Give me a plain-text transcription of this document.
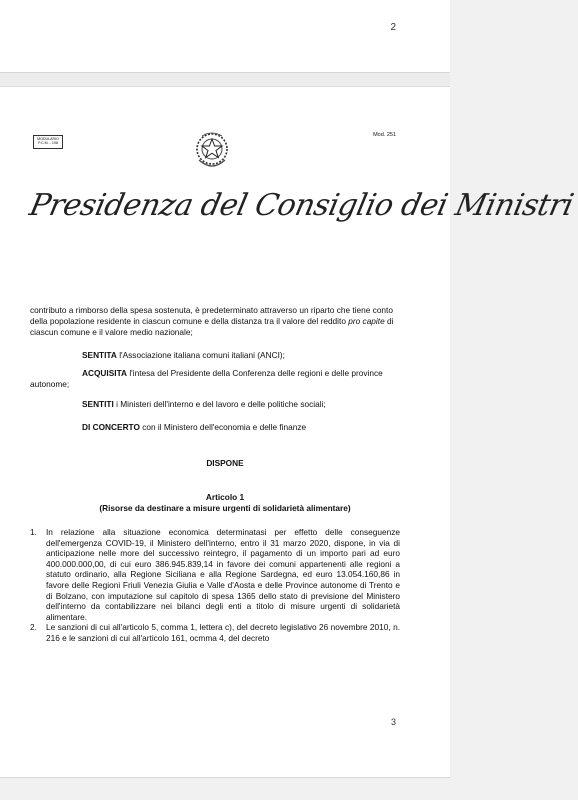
2
MODULARIO
P.C.M. - 198
Mod. 251
Presidenza del Consiglio dei Ministri
contributo a rimborso della spesa sostenuta, è predeterminato attraverso un riparto che tiene conto della popolazione residente in ciascun comune e della distanza tra il valore del reddito pro capite di ciascun comune e il valore medio nazionale;
SENTITA l'Associazione italiana comuni italiani (ANCI);
ACQUISITA l'intesa del Presidente della Conferenza delle regioni e delle province autonome;
SENTITI i Ministeri dell'interno e del lavoro e delle politiche sociali;
DI CONCERTO con il Ministero dell'economia e delle finanze
DISPONE
Articolo 1
(Risorse da destinare a misure urgenti di solidarietà alimentare)
1.	In relazione alla situazione economica determinatasi per effetto delle conseguenze dell'emergenza COVID-19, il Ministero dell'interno, entro il 31 marzo 2020, dispone, in via di anticipazione nelle more del successivo reintegro, il pagamento di un importo pari ad euro 400.000.000,00, di cui euro 386.945.839,14 in favore dei comuni appartenenti alle regioni a statuto ordinario, alla Regione Siciliana e alla Regione Sardegna, ed euro 13.054.160,86 in favore delle Regioni Friuli Venezia Giulia e Valle d'Aosta e delle Province autonome di Trento e di Bolzano, con imputazione sul capitolo di spesa 1365 dello stato di previsione del Ministero dell'interno da contabilizzare nei bilanci degli enti a titolo di misure urgenti di solidarietà alimentare.
2.	Le sanzioni di cui all'articolo 5, comma 1, lettera c), del decreto legislativo 26 novembre 2010, n. 216 e le sanzioni di cui all'articolo 161, ocmma 4, del decreto
3
